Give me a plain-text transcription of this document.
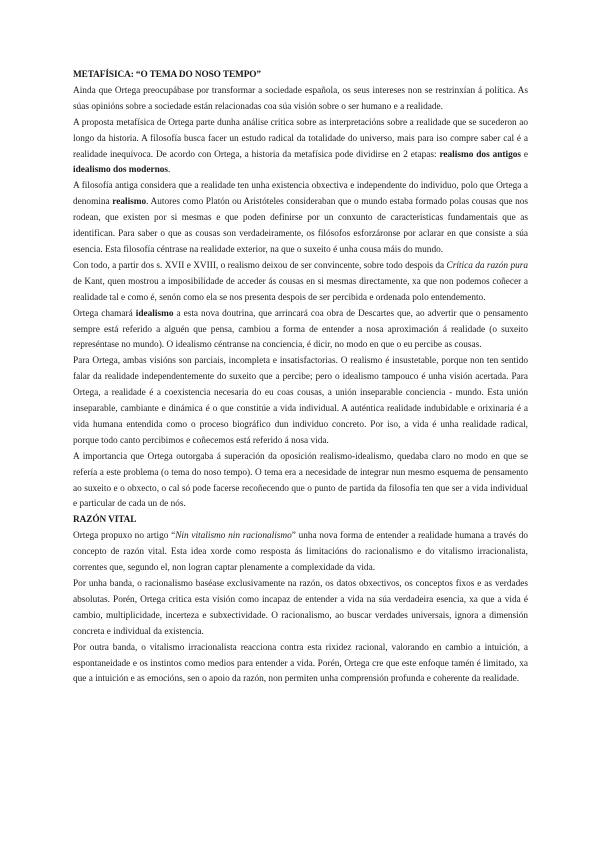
METAFÍSICA: “O TEMA DO NOSO TEMPO”

Ainda que Ortega preocupábase por transformar a sociedade española, os seus intereses non se restrinxían á política. As súas opinións sobre a sociedade están relacionadas coa súa visión sobre o ser humano e a realidade.

A proposta metafísica de Ortega parte dunha análise crítica sobre as interpretacións sobre a realidade que se sucederon ao longo da historia. A filosofía busca facer un estudo radical da totalidade do universo, mais para iso compre saber cal é a realidade inequívoca. De acordo con Ortega, a historia da metafísica pode dividirse en 2 etapas: realismo dos antigos e idealismo dos modernos.

A filosofía antiga considera que a realidade ten unha existencia obxectiva e independente do individuo, polo que Ortega a denomina realismo. Autores como Platón ou Aristóteles consideraban que o mundo estaba formado polas cousas que nos rodean, que existen por si mesmas e que poden definirse por un conxunto de características fundamentais que as identifican. Para saber o que as cousas son verdadeiramente, os filósofos esforzáronse por aclarar en que consiste a súa esencia. Esta filosofía céntrase na realidade exterior, na que o suxeito é unha cousa máis do mundo.

Con todo, a partir dos s. XVII e XVIII, o realismo deixou de ser convincente, sobre todo despois da Crítica da razón pura de Kant, quen mostrou a imposibilidade de acceder ás cousas en si mesmas directamente, xa que non podemos coñecer a realidade tal e como é, senón como ela se nos presenta despois de ser percibida e ordenada polo entendemento.

Ortega chamará idealismo a esta nova doutrina, que arrincará coa obra de Descartes que, ao advertir que o pensamento sempre está referido a alguén que pensa, cambiou a forma de entender a nosa aproximación á realidade (o suxeito represéntase no mundo). O idealismo céntranse na conciencia, é dicir, no modo en que o eu percibe as cousas.

Para Ortega, ambas visións son parciais, incompleta e insatisfactorias. O realismo é insustetable, porque non ten sentido falar da realidade independentemente do suxeito que a percibe; pero o idealismo tampouco é unha visión acertada. Para Ortega, a realidade é a coexistencia necesaria do eu coas cousas, a unión inseparable conciencia - mundo. Esta unión inseparable, cambiante e dinámica é o que constitúe a vida individual. A auténtica realidade indubidable e orixinaria é a vida humana entendida como o proceso biográfico dun individuo concreto. Por iso, a vida é unha realidade radical, porque todo canto percibimos e coñecemos está referido á nosa vida.

A importancia que Ortega outorgaba á superación da oposición realismo-idealismo, quedaba claro no modo en que se refería a este problema (o tema do noso tempo). O tema era a necesidade de integrar nun mesmo esquema de pensamento ao suxeito e o obxecto, o cal só pode facerse recoñecendo que o punto de partida da filosofía ten que ser a vida individual e particular de cada un de nós.

RAZÓN VITAL

Ortega propuxo no artigo “Nin vitalismo nin racionalismo” unha nova forma de entender a realidade humana a través do concepto de razón vital. Esta idea xorde como resposta ás limitacións do racionalismo e do vitalismo irracionalista, correntes que, segundo el, non logran captar plenamente a complexidade da vida.

Por unha banda, o racionalismo baséase exclusivamente na razón, os datos obxectivos, os conceptos fixos e as verdades absolutas. Porén, Ortega critica esta visión como incapaz de entender a vida na súa verdadeira esencia, xa que a vida é cambio, multiplicidade, incerteza e subxectividade. O racionalismo, ao buscar verdades universais, ignora a dimensión concreta e individual da existencia.

Por outra banda, o vitalismo irracionalista reacciona contra esta rixidez racional, valorando en cambio a intuición, a espontaneidade e os instintos como medios para entender a vida. Porén, Ortega cre que este enfoque tamén é limitado, xa que a intuición e as emocións, sen o apoio da razón, non permiten unha comprensión profunda e coherente da realidade.
